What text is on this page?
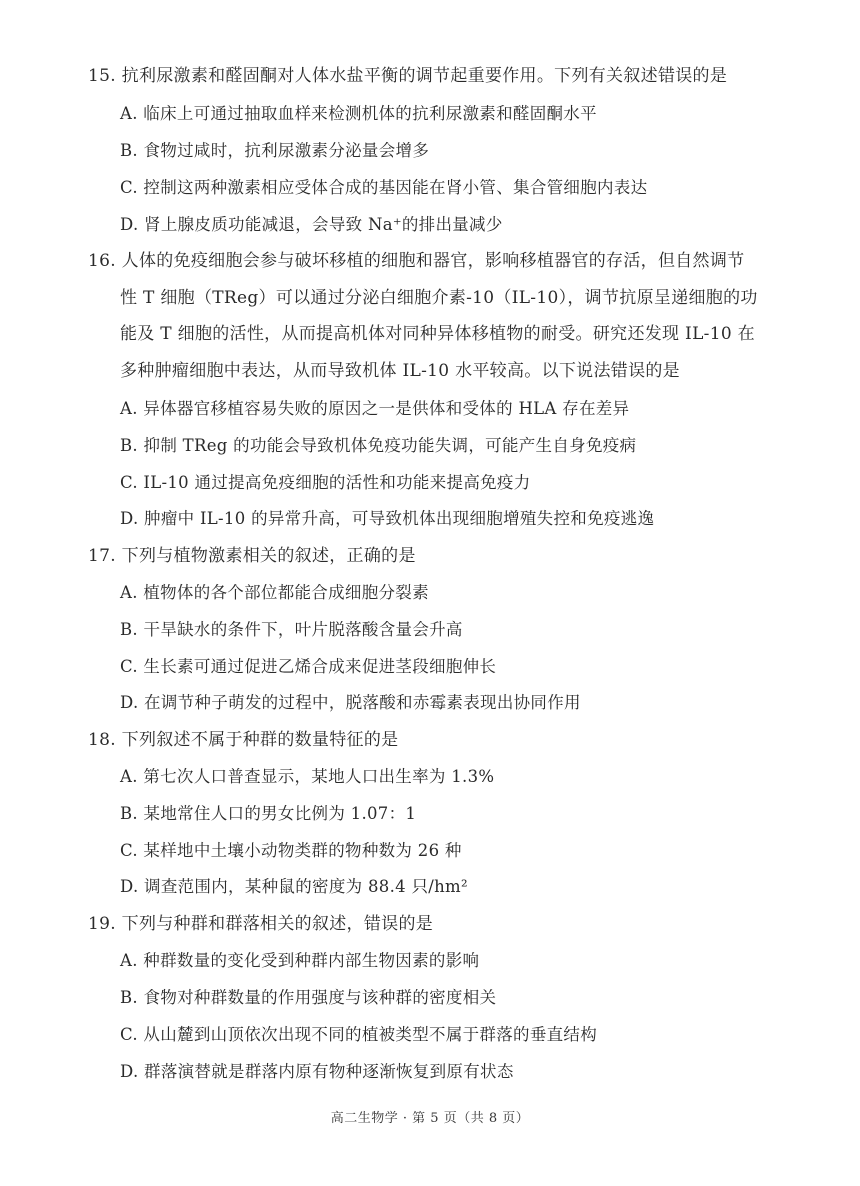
15. 抗利尿激素和醛固酮对人体水盐平衡的调节起重要作用。下列有关叙述错误的是
A. 临床上可通过抽取血样来检测机体的抗利尿激素和醛固酮水平
B. 食物过咸时，抗利尿激素分泌量会增多
C. 控制这两种激素相应受体合成的基因能在肾小管、集合管细胞内表达
D. 肾上腺皮质功能减退，会导致 Na⁺的排出量减少
16. 人体的免疫细胞会参与破坏移植的细胞和器官，影响移植器官的存活，但自然调节
性 T 细胞（TReg）可以通过分泌白细胞介素-10（IL-10），调节抗原呈递细胞的功
能及 T 细胞的活性，从而提高机体对同种异体移植物的耐受。研究还发现 IL-10 在
多种肿瘤细胞中表达，从而导致机体 IL-10 水平较高。以下说法错误的是
A. 异体器官移植容易失败的原因之一是供体和受体的 HLA 存在差异
B. 抑制 TReg 的功能会导致机体免疫功能失调，可能产生自身免疫病
C. IL-10 通过提高免疫细胞的活性和功能来提高免疫力
D. 肿瘤中 IL-10 的异常升高，可导致机体出现细胞增殖失控和免疫逃逸
17. 下列与植物激素相关的叙述，正确的是
A. 植物体的各个部位都能合成细胞分裂素
B. 干旱缺水的条件下，叶片脱落酸含量会升高
C. 生长素可通过促进乙烯合成来促进茎段细胞伸长
D. 在调节种子萌发的过程中，脱落酸和赤霉素表现出协同作用
18. 下列叙述不属于种群的数量特征的是
A. 第七次人口普查显示，某地人口出生率为 1.3%
B. 某地常住人口的男女比例为 1.07：1
C. 某样地中土壤小动物类群的物种数为 26 种
D. 调查范围内，某种鼠的密度为 88.4 只/hm²
19. 下列与种群和群落相关的叙述，错误的是
A. 种群数量的变化受到种群内部生物因素的影响
B. 食物对种群数量的作用强度与该种群的密度相关
C. 从山麓到山顶依次出现不同的植被类型不属于群落的垂直结构
D. 群落演替就是群落内原有物种逐渐恢复到原有状态
高二生物学 · 第 5 页（共 8 页）
